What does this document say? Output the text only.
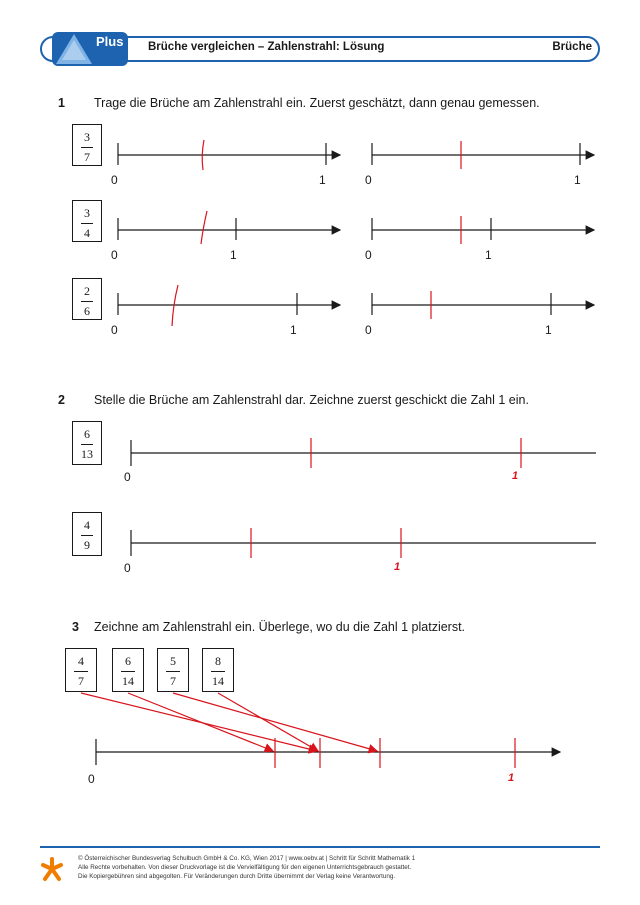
Plus Brüche vergleichen – Zahlenstrahl: Lösung	Brüche
1 Trage die Brüche am Zahlenstrahl ein. Zuerst geschätzt, dann genau gemessen.
3
7
3
4
2
6
0	1	0	1
0	1	0	1
0	1	0	1
2 Stelle die Brüche am Zahlenstrahl dar. Zeichne zuerst geschickt die Zahl 1 ein.
6
13
4
9
0	1
0	1
3 Zeichne am Zahlenstrahl ein. Überlege, wo du die Zahl 1 platzierst.
4
7
6
14
5
7
8
14
0	1
© Österreichischer Bundesverlag Schulbuch GmbH & Co. KG, Wien 2017 | www.oebv.at | Schritt für Schritt Mathematik 1
Alle Rechte vorbehalten. Von dieser Druckvorlage ist die Vervielfältigung für den eigenen Unterrichtsgebrauch gestattet.
Die Kopiergebühren sind abgegolten. Für Veränderungen durch Dritte übernimmt der Verlag keine Verantwortung.
